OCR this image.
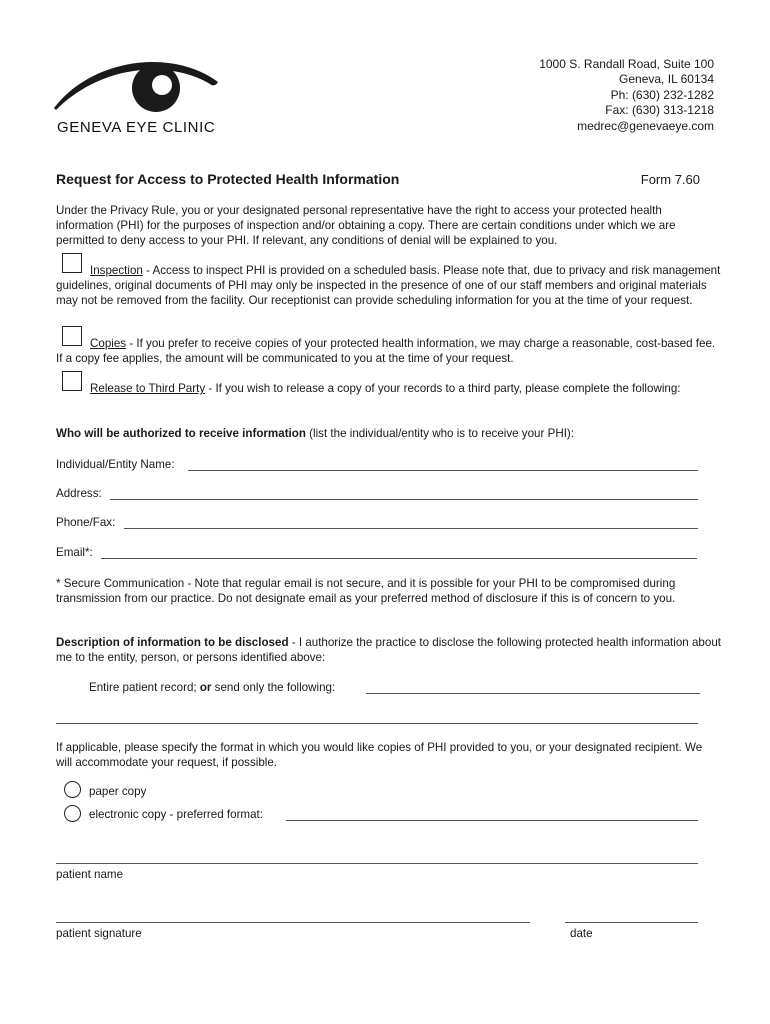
GENEVA EYE CLINIC
1000 S. Randall Road, Suite 100
Geneva, IL 60134
Ph: (630) 232-1282
Fax: (630) 313-1218
medrec@genevaeye.com
Request for Access to Protected Health Information	Form 7.60
Under the Privacy Rule, you or your designated personal representative have the right to access your protected health information (PHI) for the purposes of inspection and/or obtaining a copy. There are certain conditions under which we are permitted to deny access to your PHI. If relevant, any conditions of denial will be explained to you.
Inspection - Access to inspect PHI is provided on a scheduled basis. Please note that, due to privacy and risk management guidelines, original documents of PHI may only be inspected in the presence of one of our staff members and original materials may not be removed from the facility. Our receptionist can provide scheduling information for you at the time of your request.
Copies - If you prefer to receive copies of your protected health information, we may charge a reasonable, cost-based fee. If a copy fee applies, the amount will be communicated to you at the time of your request.
Release to Third Party - If you wish to release a copy of your records to a third party, please complete the following:
Who will be authorized to receive information (list the individual/entity who is to receive your PHI):
Individual/Entity Name:
Address:
Phone/Fax:
Email*:
* Secure Communication - Note that regular email is not secure, and it is possible for your PHI to be compromised during transmission from our practice. Do not designate email as your preferred method of disclosure if this is of concern to you.
Description of information to be disclosed - I authorize the practice to disclose the following protected health information about me to the entity, person, or persons identified above:
Entire patient record; or send only the following:
If applicable, please specify the format in which you would like copies of PHI provided to you, or your designated recipient. We will accommodate your request, if possible.
paper copy
electronic copy - preferred format:
patient name
patient signature	date
